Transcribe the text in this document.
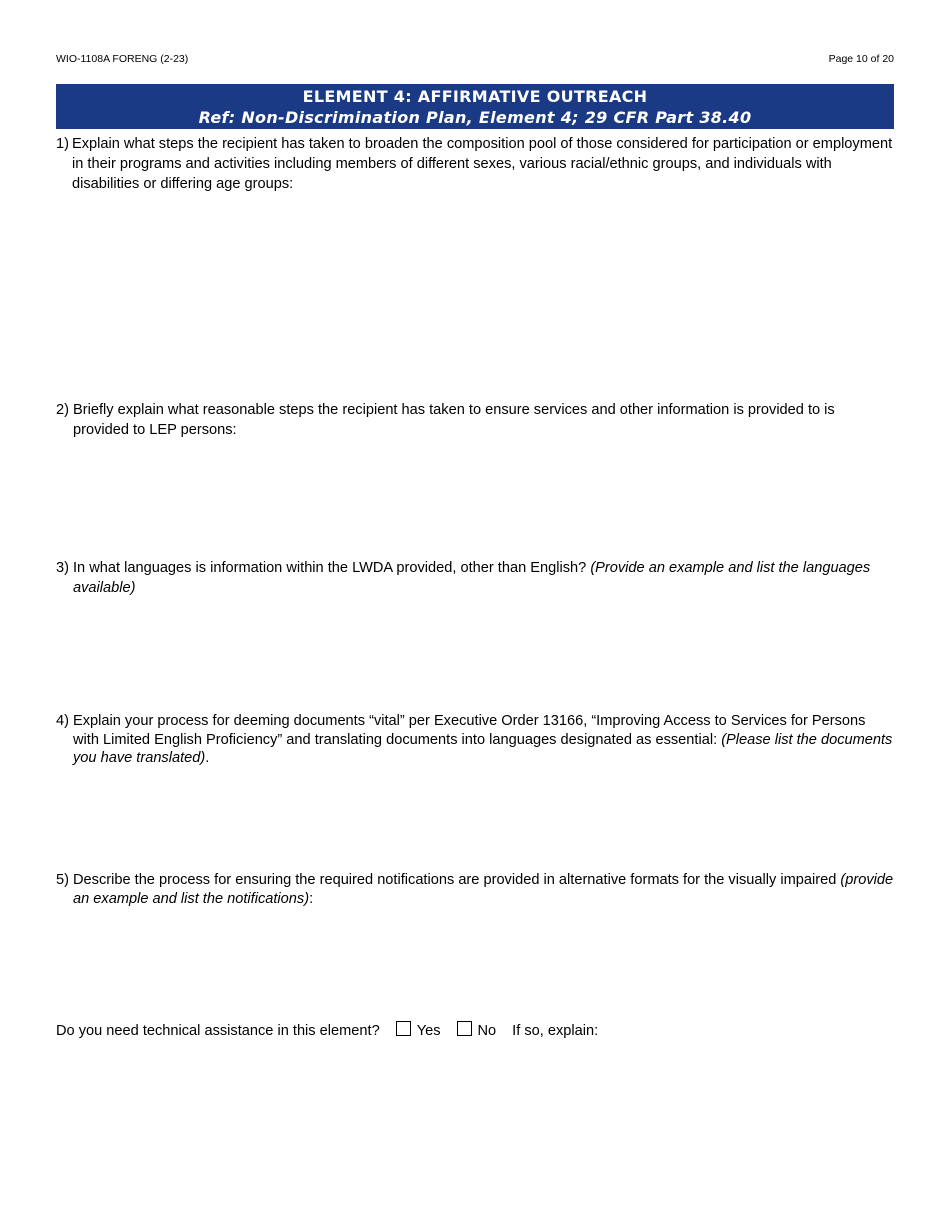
WIO-1108A FORENG (2-23)	Page 10 of 20
ELEMENT 4: AFFIRMATIVE OUTREACH
Ref: Non-Discrimination Plan, Element 4; 29 CFR Part 38.40
1) Explain what steps the recipient has taken to broaden the composition pool of those considered for participation or employment in their programs and activities including members of different sexes, various racial/ethnic groups, and individuals with disabilities or differing age groups:
2) Briefly explain what reasonable steps the recipient has taken to ensure services and other information is provided to is provided to LEP persons:
3) In what languages is information within the LWDA provided, other than English? (Provide an example and list the languages available)
4) Explain your process for deeming documents “vital” per Executive Order 13166, “Improving Access to Services for Persons with Limited English Proficiency” and translating documents into languages designated as essential: (Please list the documents you have translated).
5) Describe the process for ensuring the required notifications are provided in alternative formats for the visually impaired (provide an example and list the notifications):
Do you need technical assistance in this element?	Yes	No If so, explain:
